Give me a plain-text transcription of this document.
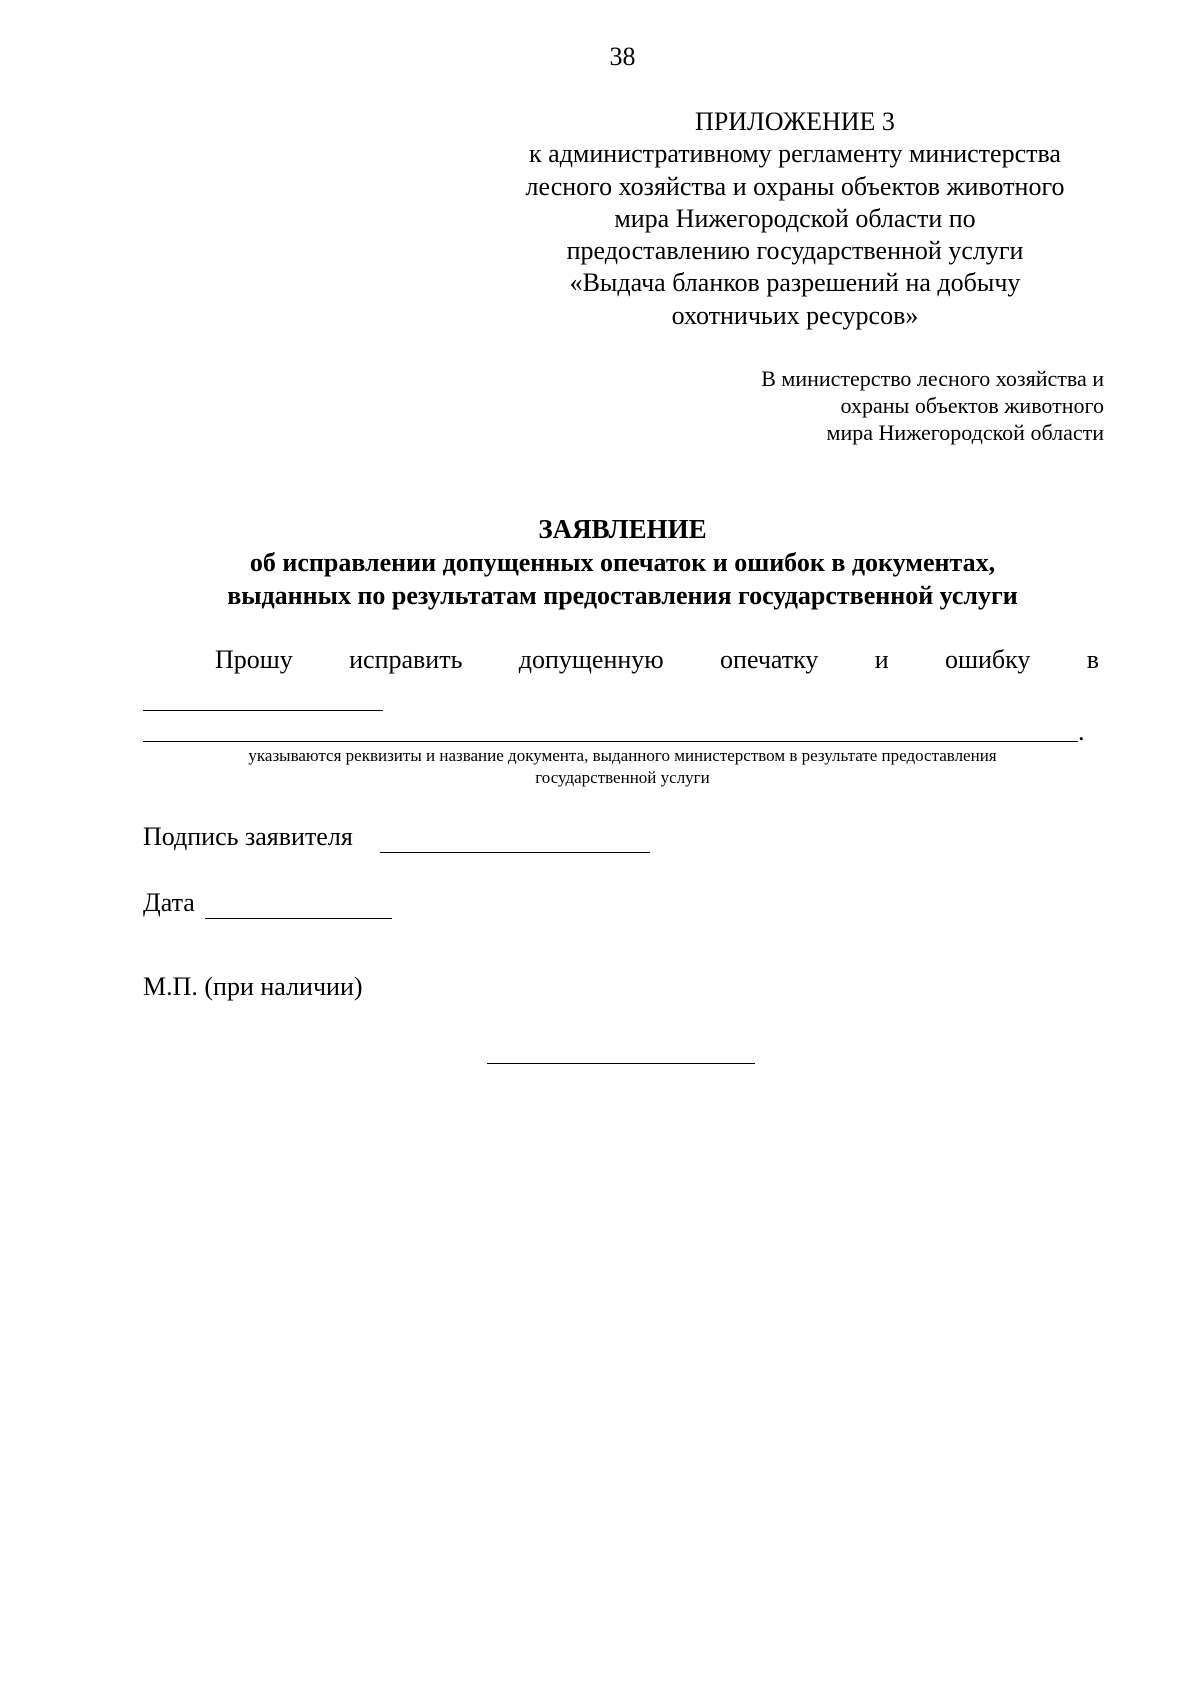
38
ПРИЛОЖЕНИЕ 3
к административному регламенту министерства
лесного хозяйства и охраны объектов животного
мира Нижегородской области по
предоставлению государственной услуги
«Выдача бланков разрешений на добычу
охотничьих ресурсов»
В министерство лесного хозяйства и
охраны объектов животного
мира Нижегородской области
ЗАЯВЛЕНИЕ
об исправлении допущенных опечаток и ошибок в документах,
выданных по результатам предоставления государственной услуги
Прошу исправить допущенную опечатку и ошибку в
.
указываются реквизиты и название документа, выданного министерством в результате предоставления
государственной услуги
Подпись заявителя
Дата
М.П. (при наличии)
